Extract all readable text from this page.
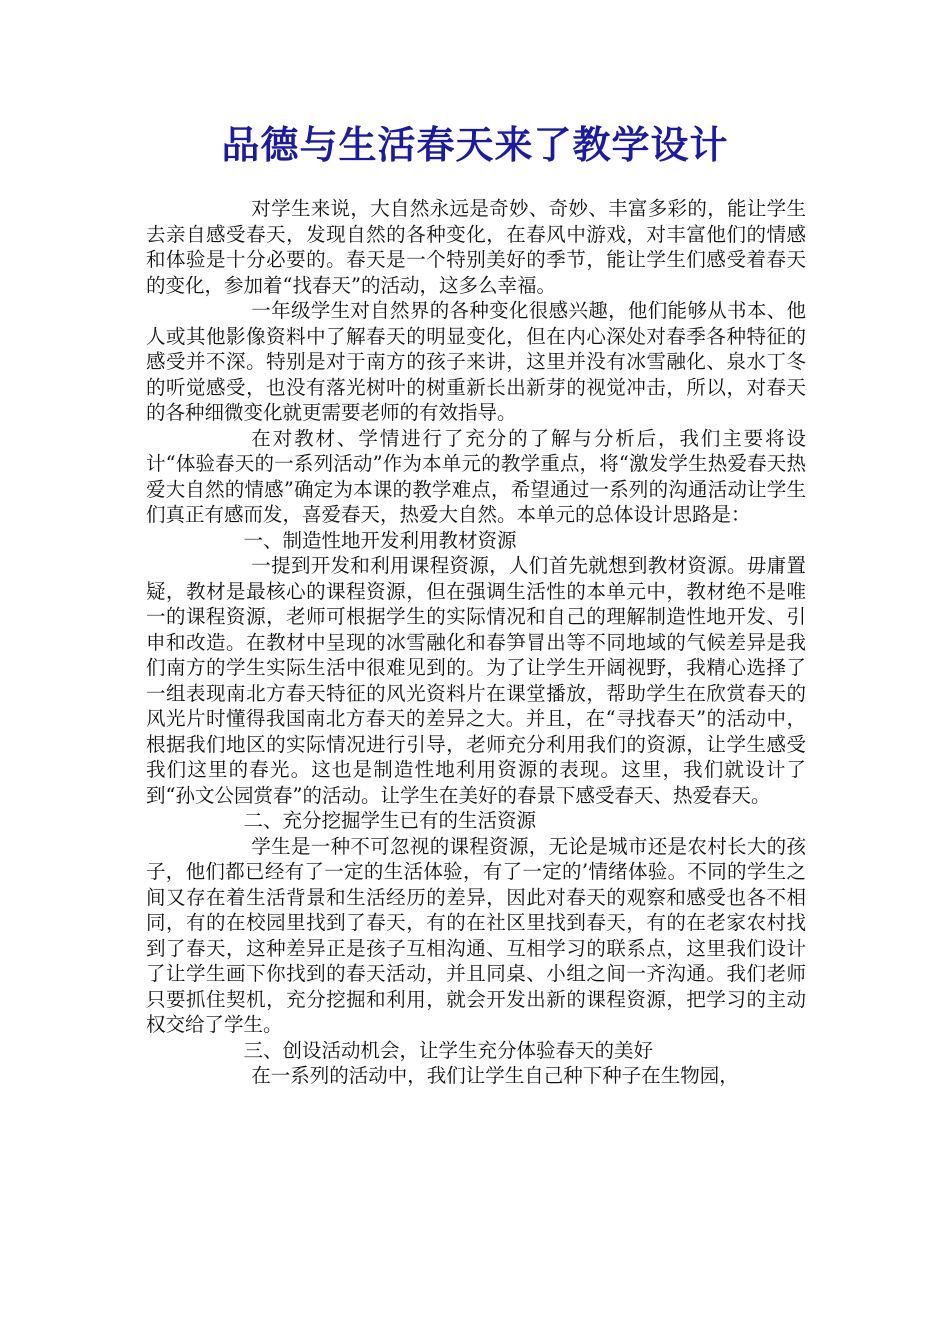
品德与生活春天来了教学设计

对学生来说，大自然永远是奇妙、奇妙、丰富多彩的，能让学生去亲自感受春天，发现自然的各种变化，在春风中游戏，对丰富他们的情感和体验是十分必要的。春天是一个特别美好的季节，能让学生们感受着春天的变化，参加着“找春天”的活动，这多么幸福。

一年级学生对自然界的各种变化很感兴趣，他们能够从书本、他人或其他影像资料中了解春天的明显变化，但在内心深处对春季各种特征的感受并不深。特别是对于南方的孩子来讲，这里并没有冰雪融化、泉水丁冬的听觉感受，也没有落光树叶的树重新长出新芽的视觉冲击，所以，对春天的各种细微变化就更需要老师的有效指导。

在对教材、学情进行了充分的了解与分析后，我们主要将设计“体验春天的一系列活动”作为本单元的教学重点，将“激发学生热爱春天热爱大自然的情感”确定为本课的教学难点，希望通过一系列的沟通活动让学生们真正有感而发，喜爱春天，热爱大自然。本单元的总体设计思路是：

一、制造性地开发利用教材资源

一提到开发和利用课程资源，人们首先就想到教材资源。毋庸置疑，教材是最核心的课程资源，但在强调生活性的本单元中，教材绝不是唯一的课程资源，老师可根据学生的实际情况和自己的理解制造性地开发、引申和改造。在教材中呈现的冰雪融化和春笋冒出等不同地域的气候差异是我们南方的学生实际生活中很难见到的。为了让学生开阔视野，我精心选择了一组表现南北方春天特征的风光资料片在课堂播放，帮助学生在欣赏春天的风光片时懂得我国南北方春天的差异之大。并且，在“寻找春天”的活动中，根据我们地区的实际情况进行引导，老师充分利用我们的资源，让学生感受我们这里的春光。这也是制造性地利用资源的表现。这里，我们就设计了到“孙文公园赏春”的活动。让学生在美好的春景下感受春天、热爱春天。

二、充分挖掘学生已有的生活资源

学生是一种不可忽视的课程资源，无论是城市还是农村长大的孩子，他们都已经有了一定的生活体验，有了一定的’情绪体验。不同的学生之间又存在着生活背景和生活经历的差异，因此对春天的观察和感受也各不相同，有的在校园里找到了春天，有的在社区里找到春天，有的在老家农村找到了春天，这种差异正是孩子互相沟通、互相学习的联系点，这里我们设计了让学生画下你找到的春天活动，并且同桌、小组之间一齐沟通。我们老师只要抓住契机，充分挖掘和利用，就会开发出新的课程资源，把学习的主动权交给了学生。

三、创设活动机会，让学生充分体验春天的美好

在一系列的活动中，我们让学生自己种下种子在生物园，
